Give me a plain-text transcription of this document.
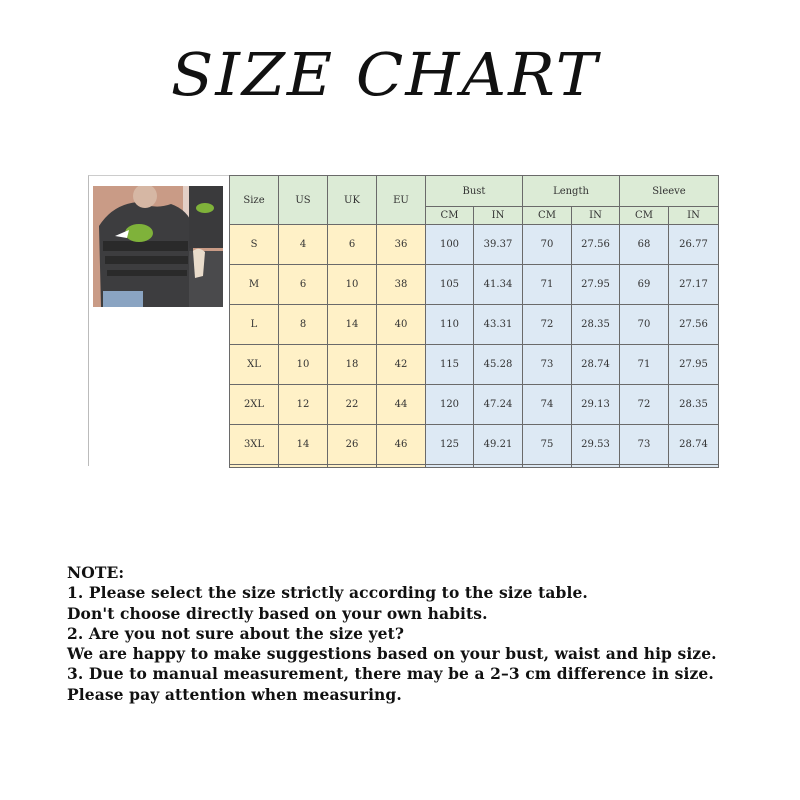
SIZE CHART
Size	US	UK	EU	Bust		Length		Sleeve	
				CM	IN	CM	IN	CM	IN
S	4	6	36	100	39.37	70	27.56	68	26.77
M	6	10	38	105	41.34	71	27.95	69	27.17
L	8	14	40	110	43.31	72	28.35	70	27.56
XL	10	18	42	115	45.28	73	28.74	71	27.95
2XL	12	22	44	120	47.24	74	29.13	72	28.35
3XL	14	26	46	125	49.21	75	29.53	73	28.74

NOTE:
1. Please select the size strictly according to the size table.
Don't choose directly based on your own habits.
2. Are you not sure about the size yet?
We are happy to make suggestions based on your bust, waist and hip size.
3. Due to manual measurement, there may be a 2–3 cm difference in size.
Please pay attention when measuring.
